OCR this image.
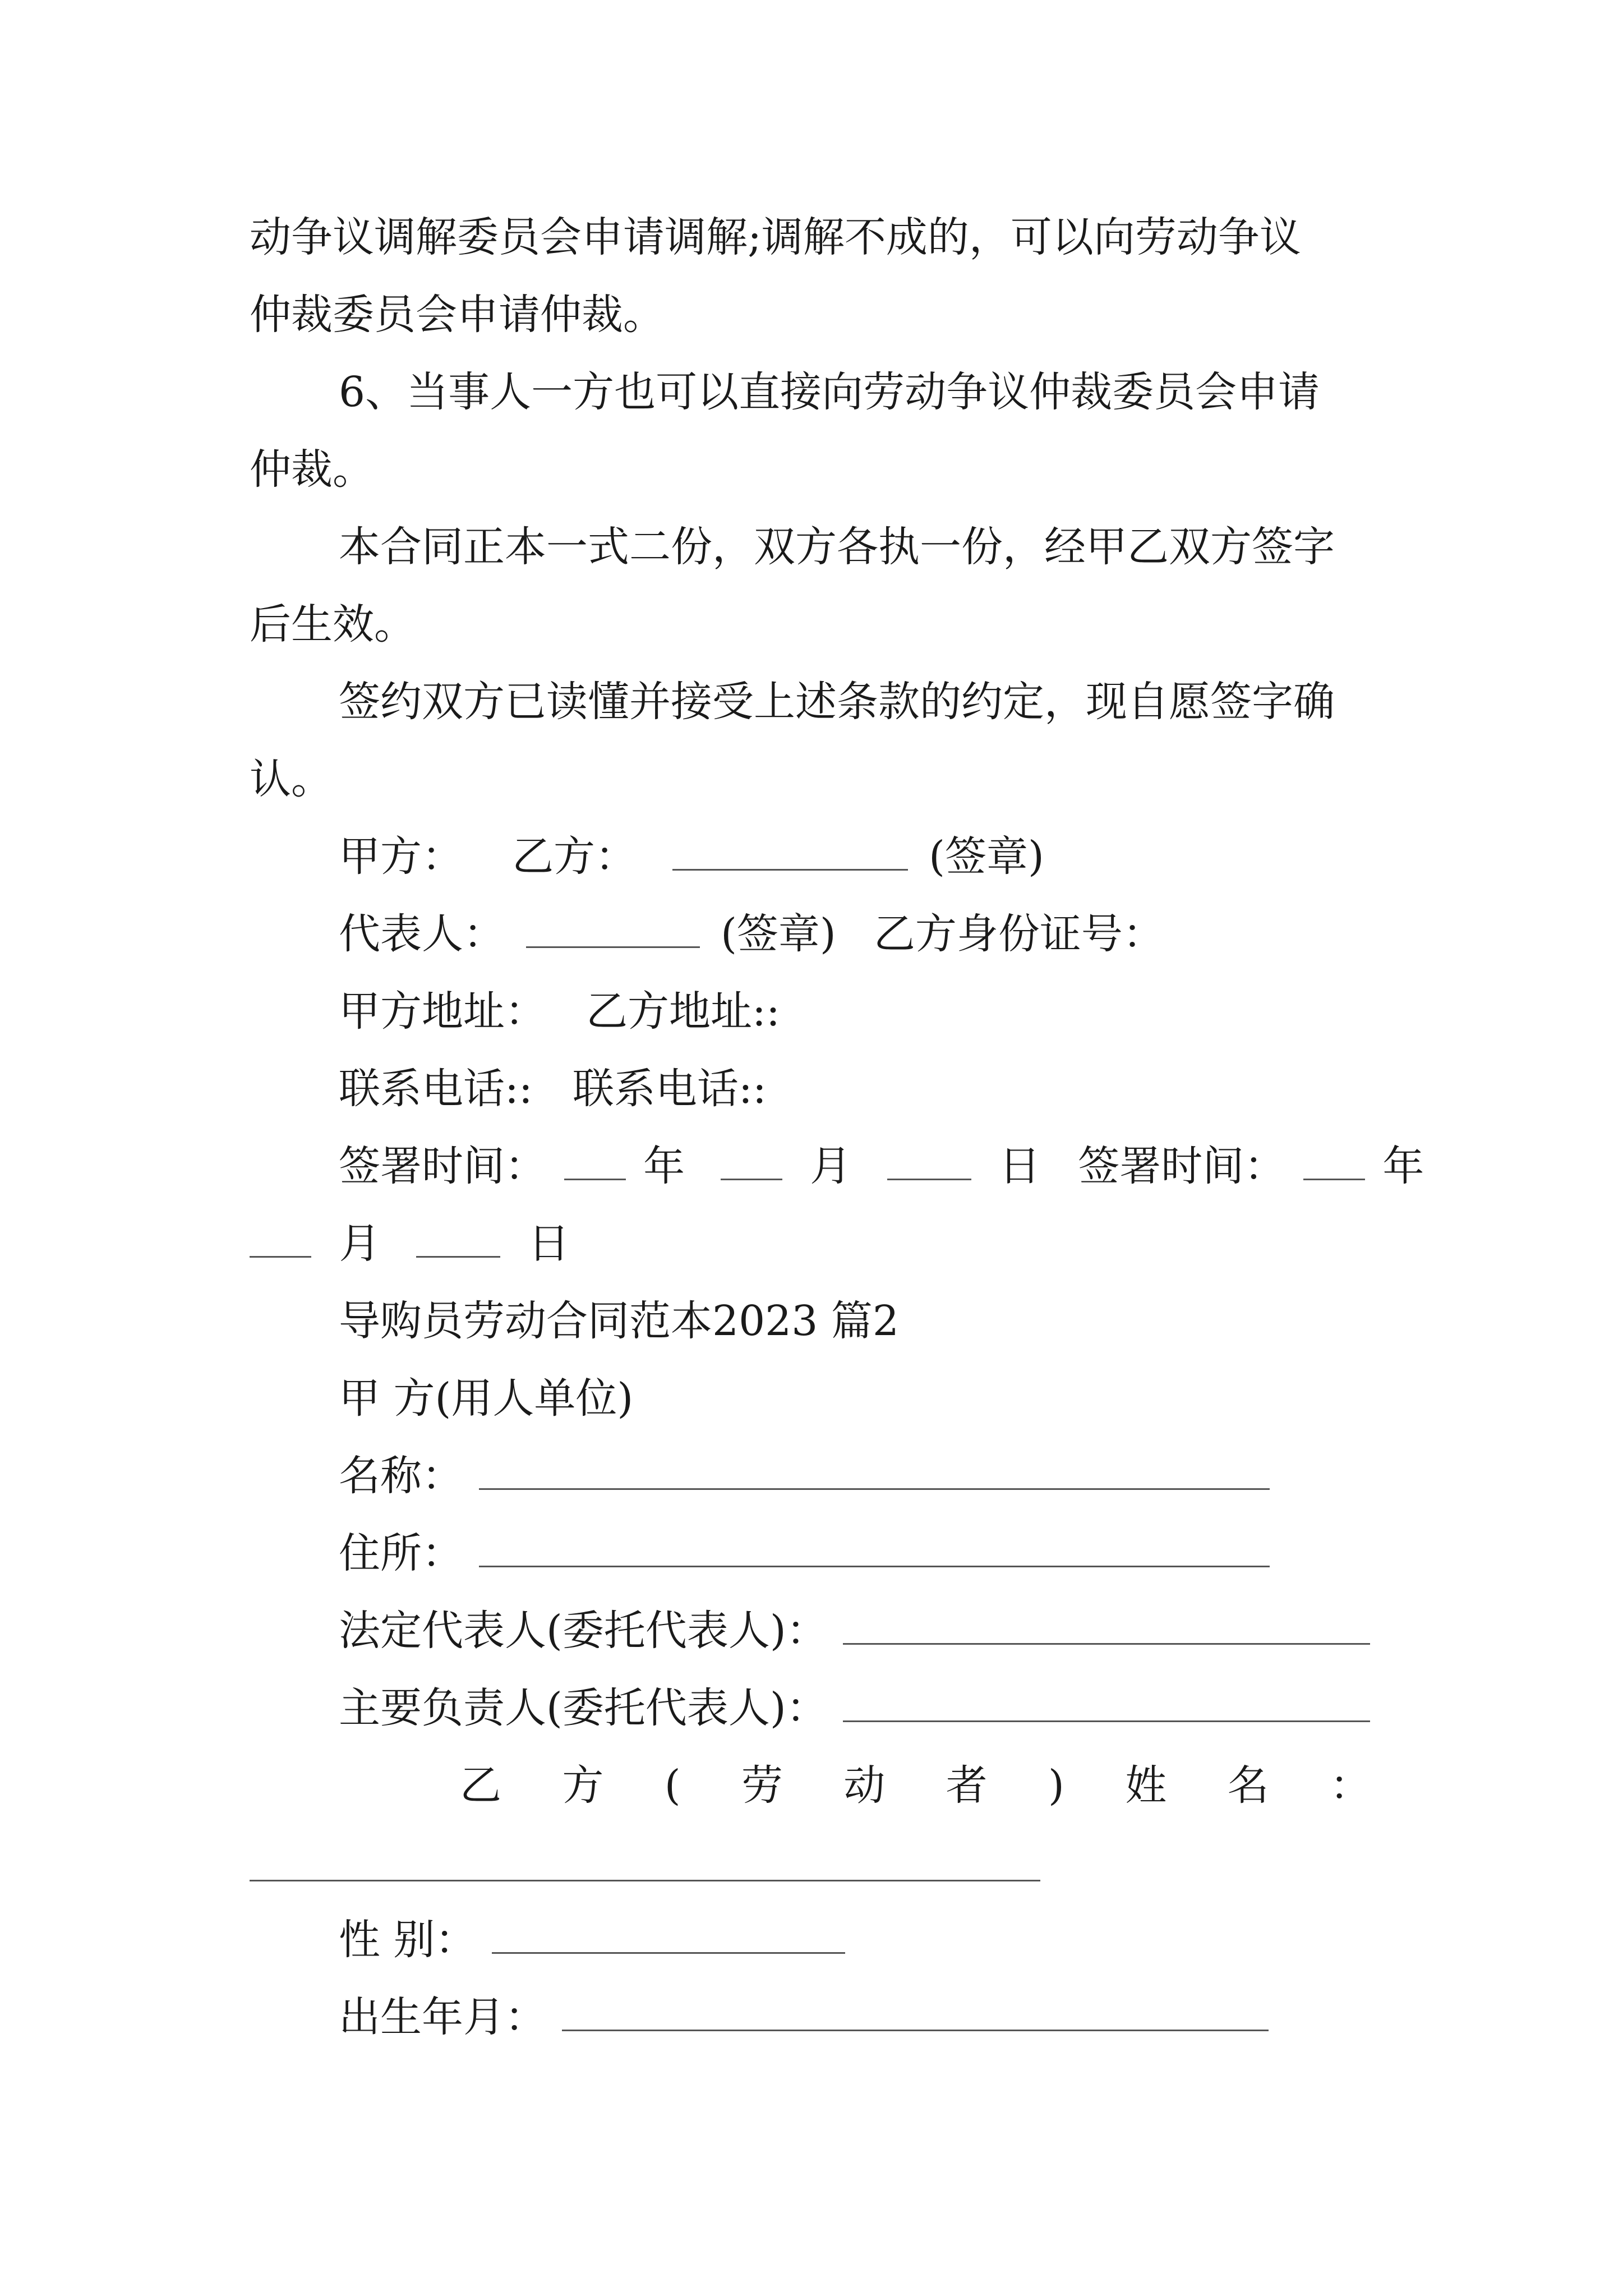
动争议调解委员会申请调解;调解不成的，可以向劳动争议
仲裁委员会申请仲裁。
6、当事人一方也可以直接向劳动争议仲裁委员会申请
仲裁。
本合同正本一式二份，双方各执一份，经甲乙双方签字
后生效。
签约双方已读懂并接受上述条款的约定，现自愿签字确
认。
甲方： 乙方：	(签章)
代表人：	(签章) 乙方身份证号：
甲方地址： 乙方地址::
联系电话:: 联系电话::
签署时间： 年	月	日 签署时间： 年
月	日
导购员劳动合同范本2023 篇2
甲 方(用人单位)
名称：
住所：
法定代表人(委托代表人)：
主要负责人(委托代表人)：
乙 方 ( 劳 动 者 ) 姓 名 ：
性 别：
出生年月：
